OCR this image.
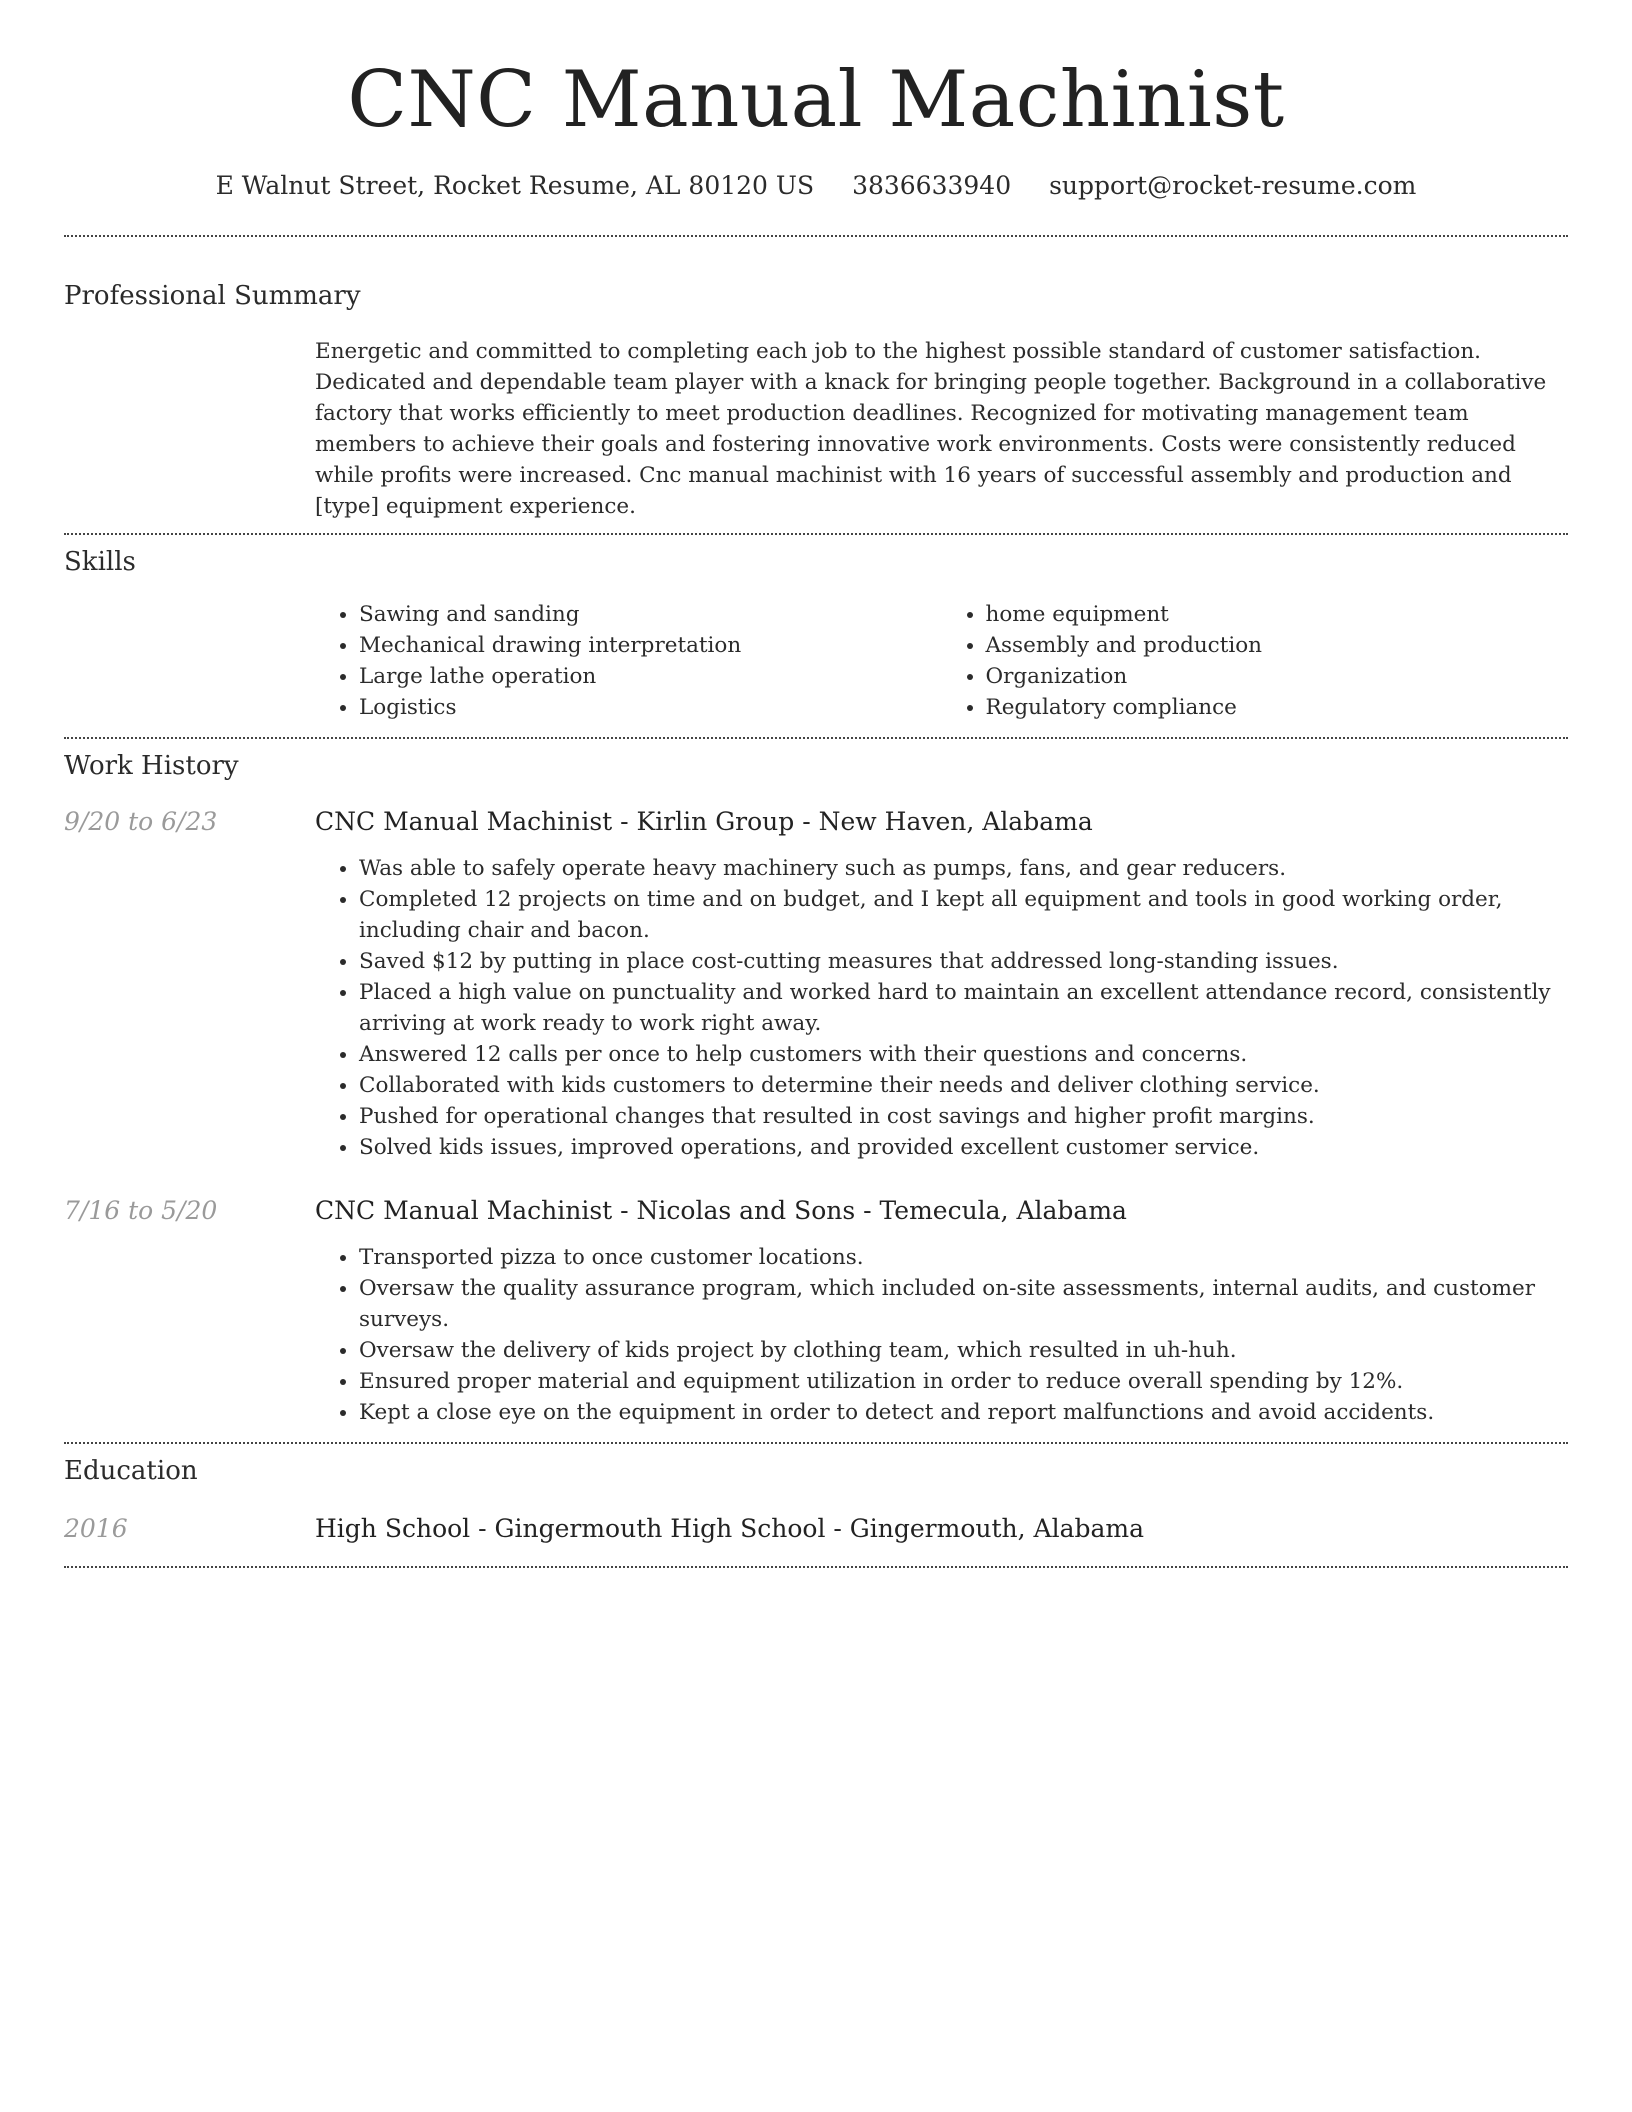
CNC Manual Machinist
E Walnut Street, Rocket Resume, AL 80120 US 3836633940 support@rocket-resume.com
Professional Summary
Energetic and committed to completing each job to the highest possible standard of customer satisfaction. Dedicated and dependable team player with a knack for bringing people together. Background in a collaborative factory that works efficiently to meet production deadlines. Recognized for motivating management team members to achieve their goals and fostering innovative work environments. Costs were consistently reduced while profits were increased. Cnc manual machinist with 16 years of successful assembly and production and [type] equipment experience.
Skills
• Sawing and sanding
• Mechanical drawing interpretation
• Large lathe operation
• Logistics
• home equipment
• Assembly and production
• Organization
• Regulatory compliance
Work History
9/20 to 6/23	CNC Manual Machinist - Kirlin Group - New Haven, Alabama
• Was able to safely operate heavy machinery such as pumps, fans, and gear reducers.
• Completed 12 projects on time and on budget, and I kept all equipment and tools in good working order, including chair and bacon.
• Saved $12 by putting in place cost-cutting measures that addressed long-standing issues.
• Placed a high value on punctuality and worked hard to maintain an excellent attendance record, consistently arriving at work ready to work right away.
• Answered 12 calls per once to help customers with their questions and concerns.
• Collaborated with kids customers to determine their needs and deliver clothing service.
• Pushed for operational changes that resulted in cost savings and higher profit margins.
• Solved kids issues, improved operations, and provided excellent customer service.
7/16 to 5/20	CNC Manual Machinist - Nicolas and Sons - Temecula, Alabama
• Transported pizza to once customer locations.
• Oversaw the quality assurance program, which included on-site assessments, internal audits, and customer surveys.
• Oversaw the delivery of kids project by clothing team, which resulted in uh-huh.
• Ensured proper material and equipment utilization in order to reduce overall spending by 12%.
• Kept a close eye on the equipment in order to detect and report malfunctions and avoid accidents.
Education
2016	High School - Gingermouth High School - Gingermouth, Alabama
